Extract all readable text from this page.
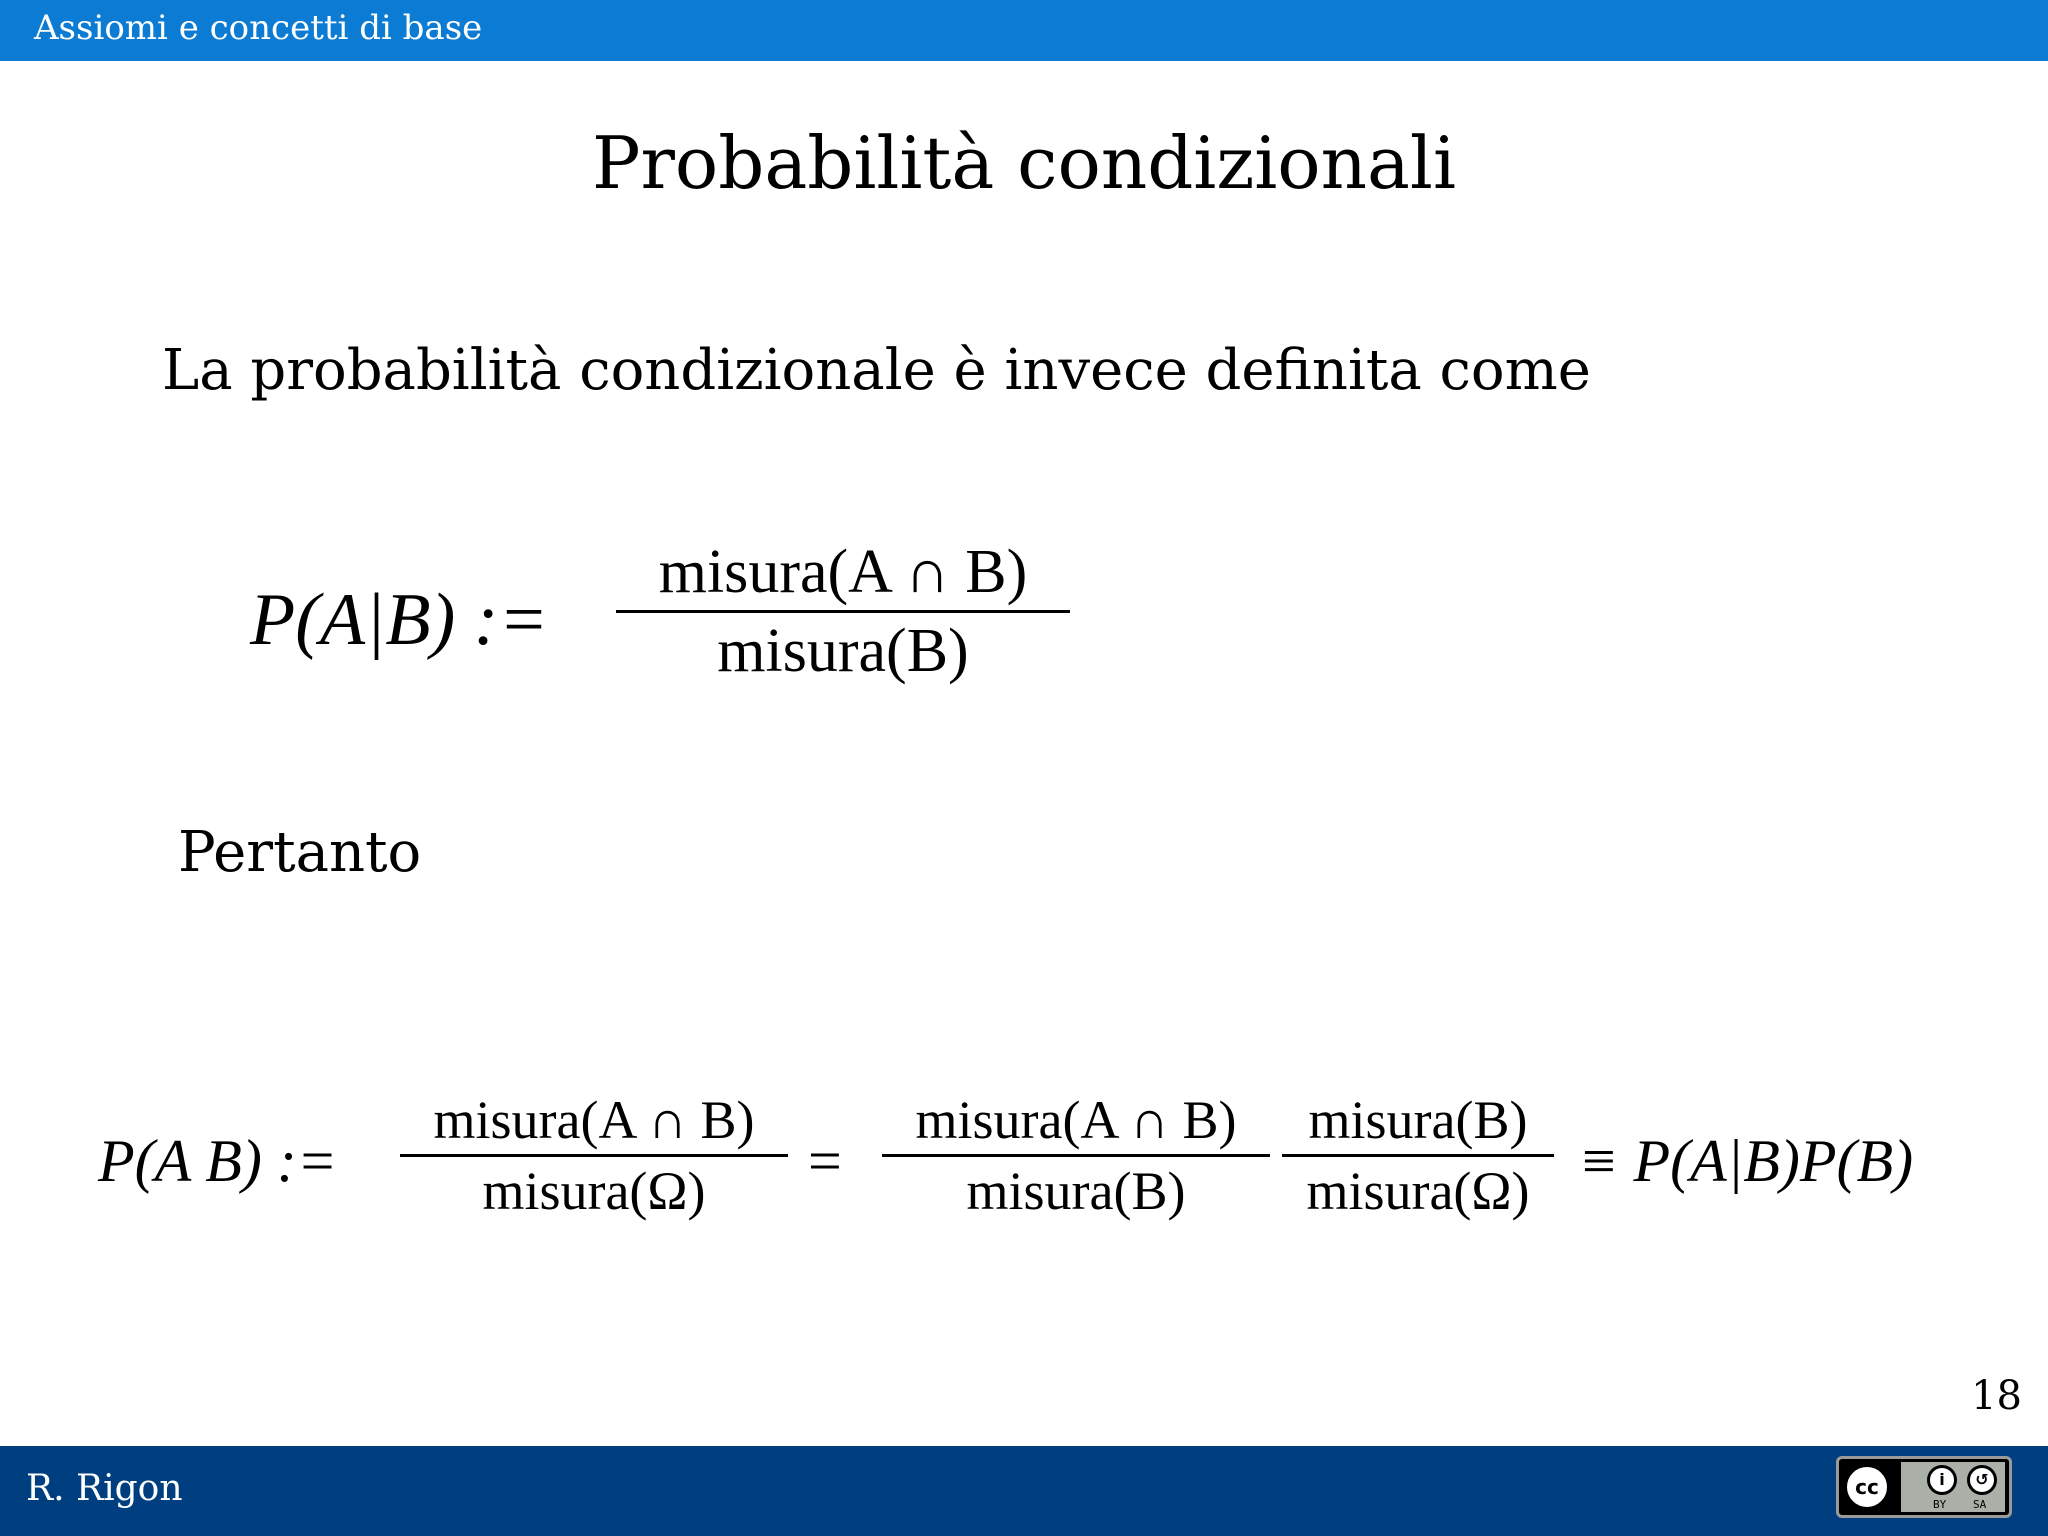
Assiomi e concetti di base
Probabilità condizionali
La probabilità condizionale è invece definita come
P(A|B) :=
misura(A ∩ B)
misura(B)
Pertanto
P(A B) :=
misura(A ∩ B)
misura(Ω)	=
misura(A ∩ B)
misura(B)
misura(B)
misura(Ω) ≡ P(A|B)P(B)
18
R. Rigon	cc	i	↺
BY SA
